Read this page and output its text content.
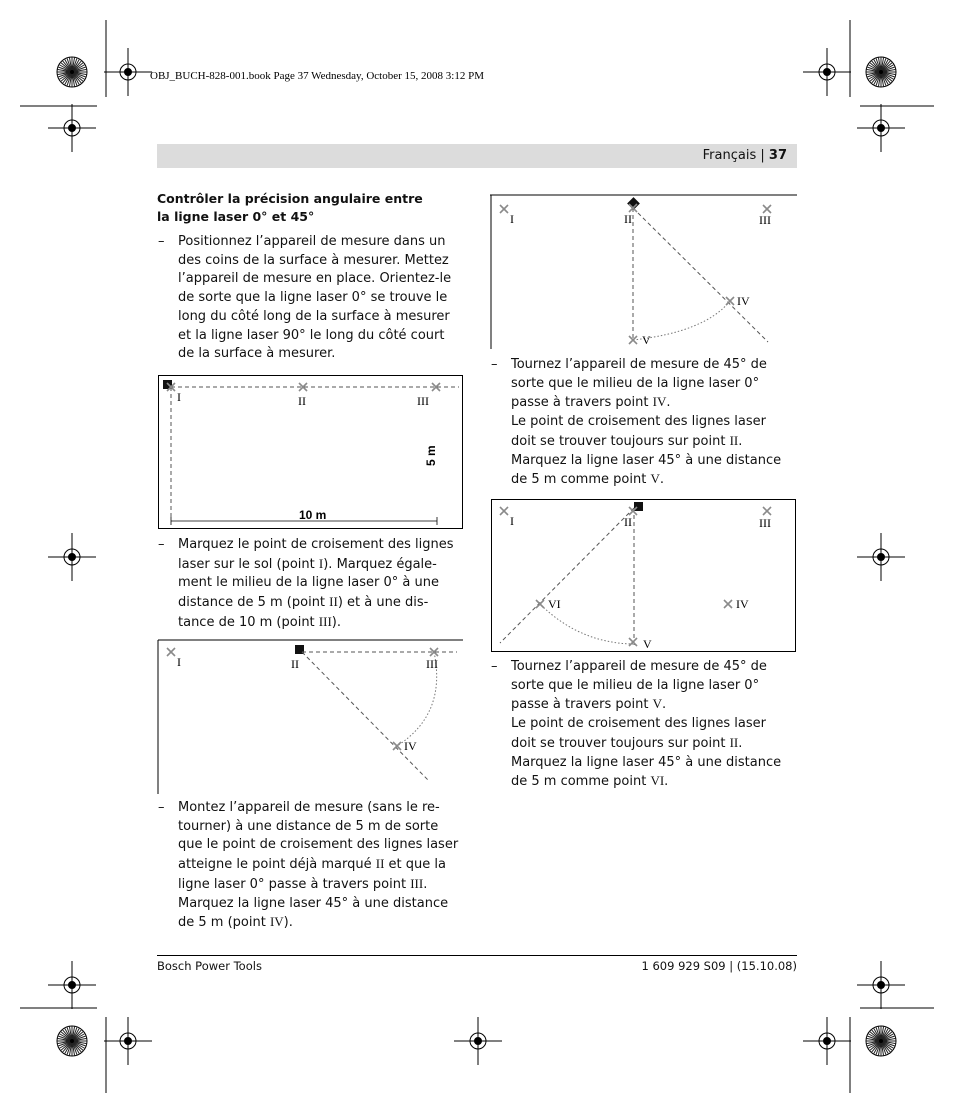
OBJ_BUCH-828-001.book Page 37 Wednesday, October 15, 2008 3:12 PM
Français | 37
Contrôler la précision angulaire entre
la ligne laser 0° et 45°
– Positionnez l’appareil de mesure dans un
des coins de la surface à mesurer. Mettez
l’appareil de mesure en place. Orientez-le
de sorte que la ligne laser 0° se trouve le
long du côté long de la surface à mesurer
et la ligne laser 90° le long du côté court
de la surface à mesurer.
I	II	III
10 m
5 m
– Marquez le point de croisement des lignes
laser sur le sol (point I). Marquez égale-
ment le milieu de la ligne laser 0° à une
distance de 5 m (point II) et à une dis-
tance de 10 m (point III).
I	II	III
IV
– Montez l’appareil de mesure (sans le re-
tourner) à une distance de 5 m de sorte
que le point de croisement des lignes laser
atteigne le point déjà marqué II et que la
ligne laser 0° passe à travers point III.
Marquez la ligne laser 45° à une distance
de 5 m (point IV).
I	II	III
IV
V
– Tournez l’appareil de mesure de 45° de
sorte que le milieu de la ligne laser 0°
passe à travers point IV.
Le point de croisement des lignes laser
doit se trouver toujours sur point II.
Marquez la ligne laser 45° à une distance
de 5 m comme point V.
I	II	III
IV
V
VI
– Tournez l’appareil de mesure de 45° de
sorte que le milieu de la ligne laser 0°
passe à travers point V.
Le point de croisement des lignes laser
doit se trouver toujours sur point II.
Marquez la ligne laser 45° à une distance
de 5 m comme point VI.
Bosch Power Tools	1 609 929 S09 | (15.10.08)
